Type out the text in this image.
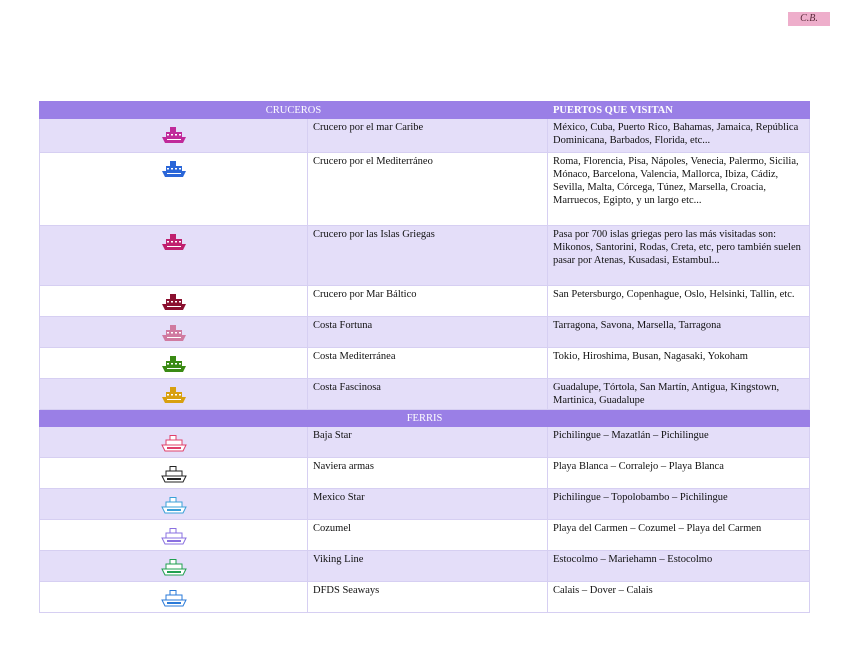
C.B.
CRUCEROS		PUERTOS QUE VISITAN
	Crucero por el mar Caribe	México, Cuba, Puerto Rico, Bahamas, Jamaica, República Dominicana, Barbados, Florida, etc...
	Crucero por el Mediterráneo	Roma, Florencia, Pisa, Nápoles, Venecia, Palermo, Sicilia, Mónaco, Barcelona, Valencia, Mallorca, Ibiza, Cádiz, Sevilla, Malta, Córcega, Túnez, Marsella, Croacia, Marruecos, Egipto, y un largo etc...
	Crucero por las Islas Griegas	Pasa por 700 islas griegas pero las más visitadas son: Mikonos, Santorini, Rodas, Creta, etc, pero también suelen pasar por Atenas, Kusadasi, Estambul...
	Crucero por Mar Báltico	San Petersburgo, Copenhague, Oslo, Helsinki, Tallin, etc.
	Costa Fortuna	Tarragona, Savona, Marsella, Tarragona
	Costa Mediterránea	Tokio, Hiroshima, Busan, Nagasaki, Yokoham
	Costa Fascinosa	Guadalupe, Tórtola, San Martín, Antigua, Kingstown, Martinica, Guadalupe
FERRIS		
	Baja Star	Pichilingue – Mazatlán – Pichilingue
	Naviera armas	Playa Blanca – Corralejo – Playa Blanca
	Mexico Star	Pichilingue – Topolobambo – Pichilingue
	Cozumel	Playa del Carmen – Cozumel – Playa del Carmen
	Viking Line	Estocolmo – Mariehamn – Estocolmo
	DFDS Seaways	Calais – Dover – Calais
